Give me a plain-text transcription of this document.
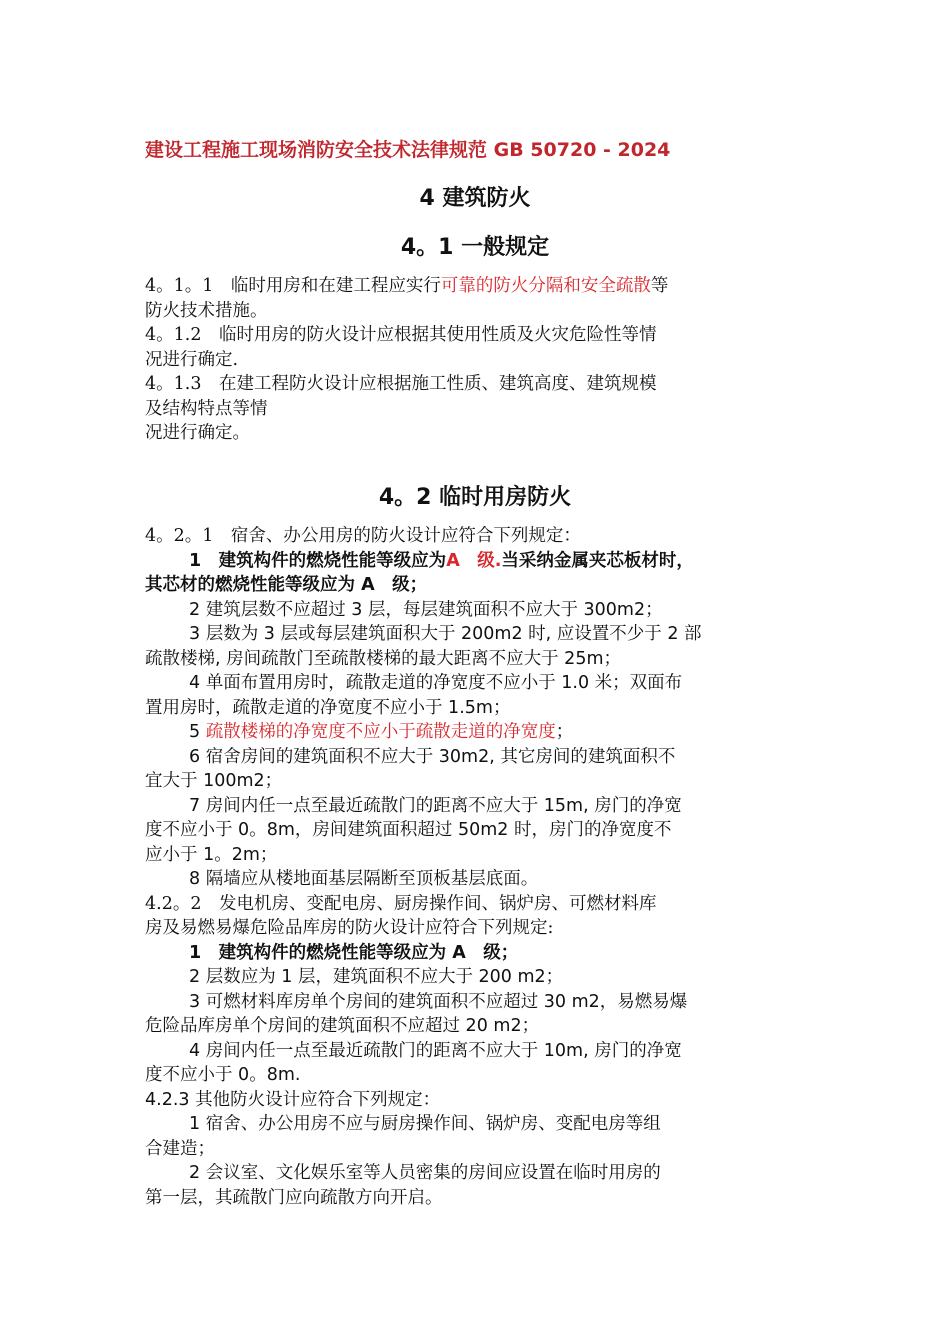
建设工程施工现场消防安全技术法律规范 GB 50720 - 2024
4 建筑防火
4。1 一般规定

4。1。1　临时用房和在建工程应实行可靠的防火分隔和安全疏散等

防火技术措施。

4。1.2　临时用房的防火设计应根据其使用性质及火灾危险性等情

况进行确定.

4。1.3　在建工程防火设计应根据施工性质、建筑高度、建筑规模

及结构特点等情

况进行确定。

4。2 临时用房防火

4。2。1　宿舍、办公用房的防火设计应符合下列规定：

1　建筑构件的燃烧性能等级应为A　级.当采纳金属夹芯板材时，

其芯材的燃烧性能等级应为 A　级；

2 建筑层数不应超过 3 层，每层建筑面积不应大于 300m2；

3 层数为 3 层或每层建筑面积大于 200m2 时, 应设置不少于 2 部

疏散楼梯, 房间疏散门至疏散楼梯的最大距离不应大于 25m；

4 单面布置用房时，疏散走道的净宽度不应小于 1.0 米；双面布

置用房时，疏散走道的净宽度不应小于 1.5m；

5 疏散楼梯的净宽度不应小于疏散走道的净宽度；

6 宿舍房间的建筑面积不应大于 30m2, 其它房间的建筑面积不

宜大于 100m2；

7 房间内任一点至最近疏散门的距离不应大于 15m, 房门的净宽

度不应小于 0。8m，房间建筑面积超过 50m2 时，房门的净宽度不

应小于 1。2m；

8 隔墙应从楼地面基层隔断至顶板基层底面。

4.2。2　发电机房、变配电房、厨房操作间、锅炉房、可燃材料库

房及易燃易爆危险品库房的防火设计应符合下列规定:

1　建筑构件的燃烧性能等级应为 A　级；

2 层数应为 1 层，建筑面积不应大于 200 m2；

3 可燃材料库房单个房间的建筑面积不应超过 30 m2，易燃易爆

危险品库房单个房间的建筑面积不应超过 20 m2；

4 房间内任一点至最近疏散门的距离不应大于 10m, 房门的净宽

度不应小于 0。8m.

4.2.3 其他防火设计应符合下列规定：

1 宿舍、办公用房不应与厨房操作间、锅炉房、变配电房等组

合建造；

2 会议室、文化娱乐室等人员密集的房间应设置在临时用房的

第一层，其疏散门应向疏散方向开启。
